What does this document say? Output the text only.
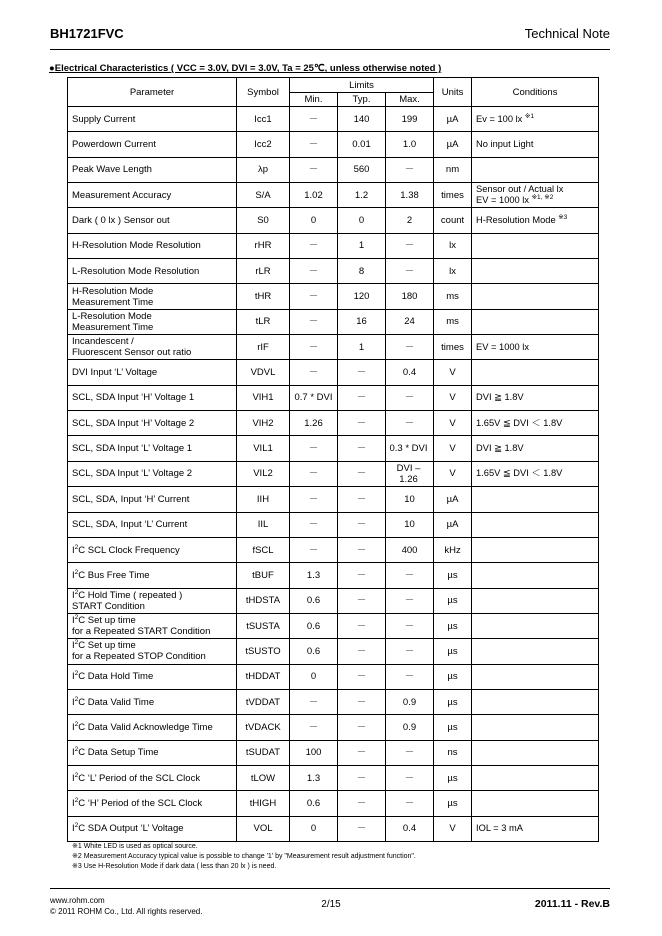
BH1721FVC	Technical Note
●Electrical Characteristics ( VCC = 3.0V, DVI = 3.0V, Ta = 25℃, unless otherwise noted )
Parameter	Symbol	Limits			Units	Conditions
		Min.	Typ.	Max.		
Supply Current	Icc1	－	140	199	µA	Ev = 100 lx $^{※1}$
Powerdown Current	Icc2	－	0.01	1.0	µA	No input Light
Peak Wave Length	λp	－	560	－	nm	
Measurement Accuracy	S/A	1.02	1.2	1.38	times	Sensor out / Actual lx
EV = 1000 lx $^{※1, ※2}$
Dark ( 0 lx ) Sensor out	S0	0	0	2	count	H-Resolution Mode $^{※3}$
H-Resolution Mode Resolution	rHR	－	1	－	lx	
L-Resolution Mode Resolution	rLR	－	8	－	lx	
H-Resolution Mode
Measurement Time	tHR	－	120	180	ms	
L-Resolution Mode
Measurement Time	tLR	－	16	24	ms	
Incandescent /
Fluorescent Sensor out ratio	rIF	－	1	－	times	EV = 1000 lx
DVI Input ‘L’ Voltage	VDVL	－	－	0.4	V	
SCL, SDA Input ‘H’ Voltage 1	VIH1	0.7 * DVI	－	－	V	DVI ≧ 1.8V
SCL, SDA Input ‘H’ Voltage 2	VIH2	1.26	－	－	V	1.65V ≦ DVI ＜ 1.8V
SCL, SDA Input ‘L’ Voltage 1	VIL1	－	－	0.3 * DVI	V	DVI ≧ 1.8V
SCL, SDA Input ‘L’ Voltage 2	VIL2	－	－	DVI – 1.26	V	1.65V ≦ DVI ＜ 1.8V
SCL, SDA, Input ‘H’ Current	IIH	－	－	10	µA	
SCL, SDA, Input ‘L’ Current	IIL	－	－	10	µA	
$I^2C$ SCL Clock Frequency	fSCL	－	－	400	kHz	
$I^2C$ Bus Free Time	tBUF	1.3	－	－	µs	
$I^2C$ Hold Time ( repeated )
START Condition	tHDSTA	0.6	－	－	µs	
$I^2C$ Set up time
for a Repeated START Condition	tSUSTA	0.6	－	－	µs	
$I^2C$ Set up time
for a Repeated STOP Condition	tSUSTO	0.6	－	－	µs	
$I^2C$ Data Hold Time	tHDDAT	0	－	－	µs	
$I^2C$ Data Valid Time	tVDDAT	－	－	0.9	µs	
$I^2C$ Data Valid Acknowledge Time	tVDACK	－	－	0.9	µs	
$I^2C$ Data Setup Time	tSUDAT	100	－	－	ns	
$I^2C$ ‘L’ Period of the SCL Clock	tLOW	1.3	－	－	µs	
$I^2C$ ‘H’ Period of the SCL Clock	tHIGH	0.6	－	－	µs	
$I^2C$ SDA Output ‘L’ Voltage	VOL	0	－	0.4	V	IOL = 3 mA
※1 White LED is used as optical source.
※2 Measurement Accuracy typical value is possible to change '1' by "Measurement result adjustment function".
※3 Use H-Resolution Mode if dark data ( less than 20 lx ) is need.
www.rohm.com
© 2011 ROHM Co., Ltd. All rights reserved.
2/15	2011.11 - Rev.B
